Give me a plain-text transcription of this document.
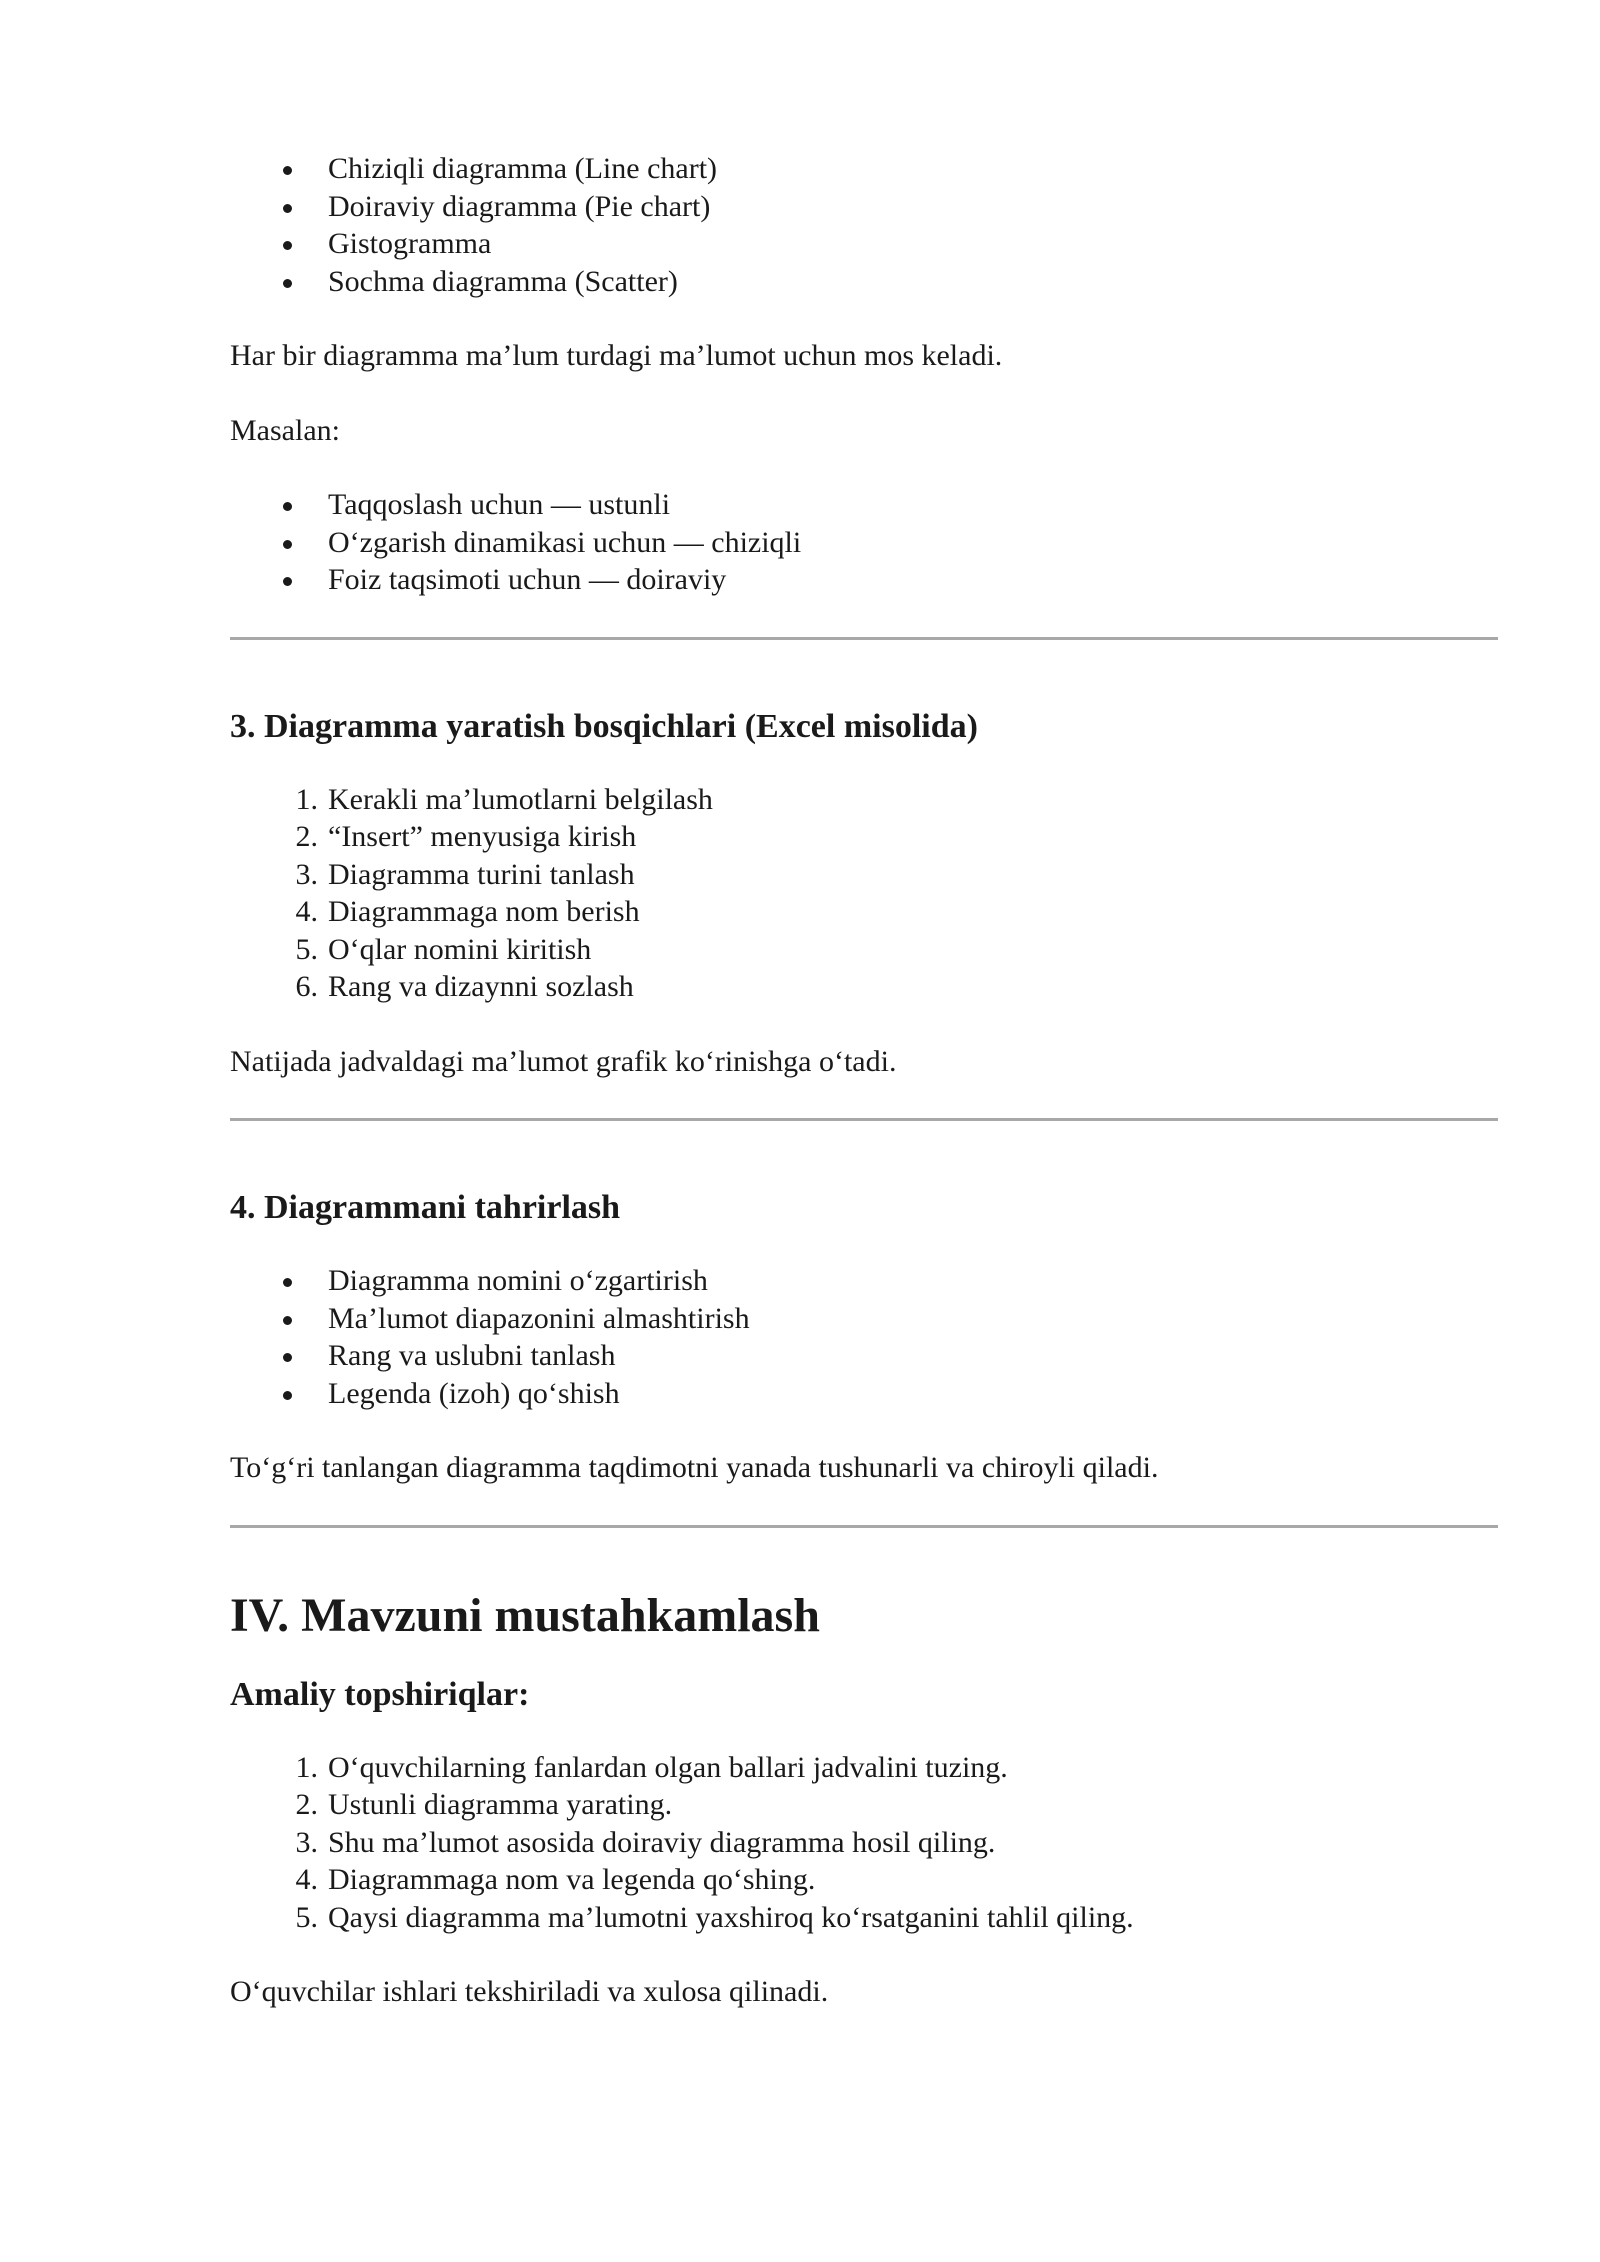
Chiziqli diagramma (Line chart)
Doiraviy diagramma (Pie chart)
Gistogramma
Sochma diagramma (Scatter)

Har bir diagramma ma’lum turdagi ma’lumot uchun mos keladi.

Masalan:

Taqqoslash uchun — ustunli
O‘zgarish dinamikasi uchun — chiziqli
Foiz taqsimoti uchun — doiraviy
3. Diagramma yaratish bosqichlari (Excel misolida)
1. Kerakli ma’lumotlarni belgilash
2. “Insert” menyusiga kirish
3. Diagramma turini tanlash
4. Diagrammaga nom berish
5. O‘qlar nomini kiritish
6. Rang va dizaynni sozlash

Natijada jadvaldagi ma’lumot grafik ko‘rinishga o‘tadi.

4. Diagrammani tahrirlash
Diagramma nomini o‘zgartirish
Ma’lumot diapazonini almashtirish
Rang va uslubni tanlash
Legenda (izoh) qo‘shish

To‘g‘ri tanlangan diagramma taqdimotni yanada tushunarli va chiroyli qiladi.

IV. Mavzuni mustahkamlash
Amaliy topshiriqlar:
1. O‘quvchilarning fanlardan olgan ballari jadvalini tuzing.
2. Ustunli diagramma yarating.
3. Shu ma’lumot asosida doiraviy diagramma hosil qiling.
4. Diagrammaga nom va legenda qo‘shing.
5. Qaysi diagramma ma’lumotni yaxshiroq ko‘rsatganini tahlil qiling.

O‘quvchilar ishlari tekshiriladi va xulosa qilinadi.
